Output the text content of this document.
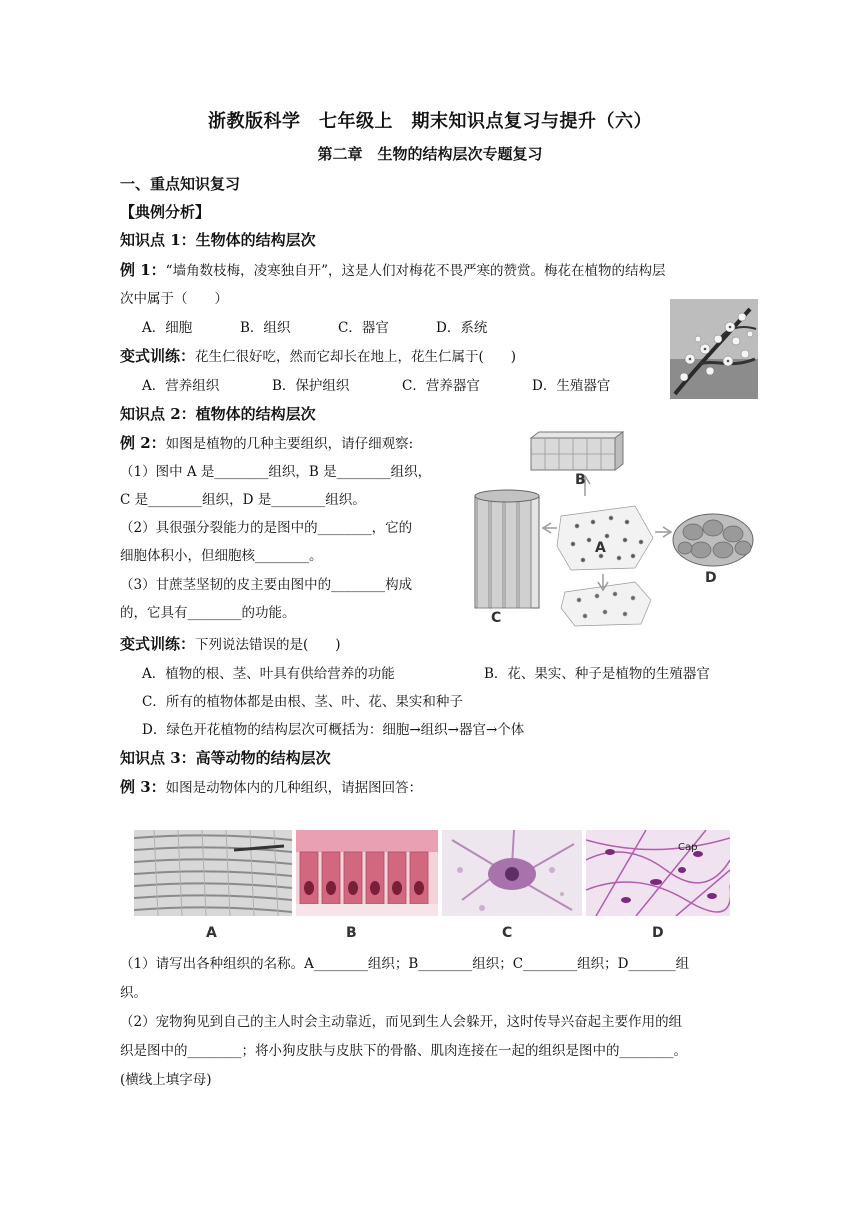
浙教版科学　七年级上　期末知识点复习与提升（六）
第二章　生物的结构层次专题复习
一、重点知识复习
【典例分析】
知识点 1：生物体的结构层次
例 1：“墙角数枝梅，凌寒独自开”，这是人们对梅花不畏严寒的赞赏。梅花在植物的结构层
次中属于（　　）
A．细胞	B．组织	C．器官	D．系统
变式训练：花生仁很好吃，然而它却长在地上，花生仁属于(　　)
A．营养组织	B．保护组织	C．营养器官	D．生殖器官
知识点 2：植物体的结构层次
例 2：如图是植物的几种主要组织，请仔细观察:
（1）图中 A 是________组织，B 是________组织，
C 是________组织，D 是________组织。
（2）具很强分裂能力的是图中的________，它的
细胞体积小，但细胞核________。
（3）甘蔗茎坚韧的皮主要由图中的________构成
的，它具有________的功能。
B
A
C
D
变式训练：下列说法错误的是(　　)
A．植物的根、茎、叶具有供给营养的功能	B．花、果实、种子是植物的生殖器官
C．所有的植物体都是由根、茎、叶、花、果实和种子
D．绿色开花植物的结构层次可概括为：细胞→组织→器官→个体
知识点 3：高等动物的结构层次
例 3：如图是动物体内的几种组织，请据图回答：
Cap
A	B	C	D
（1）请写出各种组织的名称。A________组织；B________组织；C________组织；D_______组
织。
（2）宠物狗见到自己的主人时会主动靠近，而见到生人会躲开，这时传导兴奋起主要作用的组
织是图中的________；将小狗皮肤与皮肤下的骨骼、肌肉连接在一起的组织是图中的________。
(横线上填字母)
